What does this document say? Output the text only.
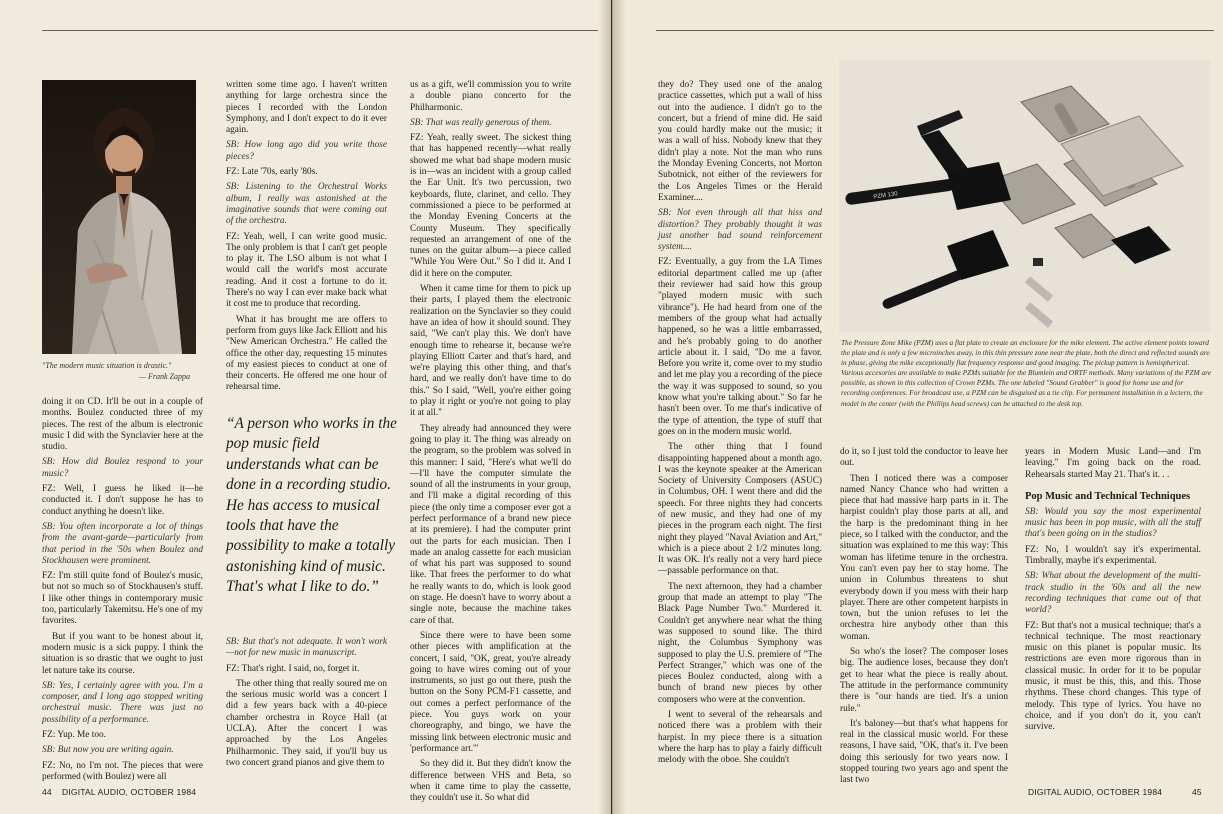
"The modern music situation is drastic."
— Frank Zappa

doing it on CD. It'll be out in a couple of months. Boulez conducted three of my pieces. The rest of the album is electronic music I did with the Synclavier here at the studio.

SB: How did Boulez respond to your music?

FZ: Well, I guess he liked it—he conducted it. I don't suppose he has to conduct anything he doesn't like.

SB: You often incorporate a lot of things from the avant-garde—particularly from that period in the '50s when Boulez and Stockhausen were prominent.

FZ: I'm still quite fond of Boulez's music, but not so much so of Stockhausen's stuff. I like other things in contemporary music too, particularly Takemitsu. He's one of my favorites.

But if you want to be honest about it, modern music is a sick puppy. I think the situation is so drastic that we ought to just let nature take its course.

SB: Yes, I certainly agree with you. I'm a composer, and I long ago stopped writing orchestral music. There was just no possibility of a performance.

FZ: Yup. Me too.

SB: But now you are writing again.

FZ: No, no I'm not. The pieces that were performed (with Boulez) were all

written some time ago. I haven't written anything for large orchestra since the pieces I recorded with the London Symphony, and I don't expect to do it ever again.

SB: How long ago did you write those pieces?

FZ: Late '70s, early '80s.

SB: Listening to the Orchestral Works album, I really was astonished at the imaginative sounds that were coming out of the orchestra.

FZ: Yeah, well, I can write good music. The only problem is that I can't get people to play it. The LSO album is not what I would call the world's most accurate reading. And it cost a fortune to do it. There's no way I can ever make back what it cost me to produce that recording.

What it has brought me are offers to perform from guys like Jack Elliott and his "New American Orchestra." He called the office the other day, requesting 15 minutes of my easiest pieces to conduct at one of their concerts. He offered me one hour of rehearsal time.

“A person who works in the pop music field understands what can be done in a recording studio. He has access to musical tools that have the possibility to make a totally astonishing kind of music. That's what I like to do.”

SB: But that's not adequate. It won't work—not for new music in manuscript.

FZ: That's right. I said, no, forget it.

The other thing that really soured me on the serious music world was a concert I did a few years back with a 40-piece chamber orchestra in Royce Hall (at UCLA). After the concert I was approached by the Los Angeles Philharmonic. They said, if you'll buy us two concert grand pianos and give them to

us as a gift, we'll commission you to write a double piano concerto for the Philharmonic.

SB: That was really generous of them.

FZ: Yeah, really sweet. The sickest thing that has happened recently—what really showed me what bad shape modern music is in—was an incident with a group called the Ear Unit. It's two percussion, two keyboards, flute, clarinet, and cello. They commissioned a piece to be performed at the Monday Evening Concerts at the County Museum. They specifically requested an arrangement of one of the tunes on the guitar album—a piece called "While You Were Out." So I did it. And I did it here on the computer.

When it came time for them to pick up their parts, I played them the electronic realization on the Synclavier so they could have an idea of how it should sound. They said, "We can't play this. We don't have enough time to rehearse it, because we're playing Elliott Carter and that's hard, and we're playing this other thing, and that's hard, and we really don't have time to do this." So I said, "Well, you're either going to play it right or you're not going to play it at all."

They already had announced they were going to play it. The thing was already on the program, so the problem was solved in this manner: I said, "Here's what we'll do—I'll have the computer simulate the sound of all the instruments in your group, and I'll make a digital recording of this piece (the only time a composer ever got a perfect performance of a brand new piece at its premiere). I had the computer print out the parts for each musician. Then I made an analog cassette for each musician of what his part was supposed to sound like. That frees the performer to do what he really wants to do, which is look good on stage. He doesn't have to worry about a single note, because the machine takes care of that.

Since there were to have been some other pieces with amplification at the concert, I said, "OK, great, you're already going to have wires coming out of your instruments, so just go out there, push the button on the Sony PCM-F1 cassette, and out comes a perfect performance of the piece. You guys work on your choreography, and bingo, we have the missing link between electronic music and 'performance art.'"

So they did it. But they didn't know the difference between VHS and Beta, so when it came time to play the cassette, they couldn't use it. So what did

44 DIGITAL AUDIO, OCTOBER 1984

they do? They used one of the analog practice cassettes, which put a wall of hiss out into the audience. I didn't go to the concert, but a friend of mine did. He said you could hardly make out the music; it was a wall of hiss. Nobody knew that they didn't play a note. Not the man who runs the Monday Evening Concerts, not Morton Subotnick, not either of the reviewers for the Los Angeles Times or the Herald Examiner....

SB: Not even through all that hiss and distortion? They probably thought it was just another bad sound reinforcement system....

FZ: Eventually, a guy from the LA Times editorial department called me up (after their reviewer had said how this group "played modern music with such vibrance"). He had heard from one of the members of the group what had actually happened, so he was a little embarrassed, and he's probably going to do another article about it. I said, "Do me a favor. Before you write it, come over to my studio and let me play you a recording of the piece the way it was supposed to sound, so you know what you're talking about." So far he hasn't been over. To me that's indicative of the type of attention, the type of stuff that goes on in the modern music world.

The other thing that I found disappointing happened about a month ago. I was the keynote speaker at the American Society of University Composers (ASUC) in Columbus, OH. I went there and did the speech. For three nights they had concerts of new music, and they had one of my pieces in the program each night. The first night they played "Naval Aviation and Art," which is a piece about 2 1/2 minutes long. It was OK. It's really not a very hard piece—passable performance on that.

The next afternoon, they had a chamber group that made an attempt to play "The Black Page Number Two." Murdered it. Couldn't get anywhere near what the thing was supposed to sound like. The third night, the Columbus Symphony was supposed to play the U.S. premiere of "The Perfect Stranger," which was one of the pieces Boulez conducted, along with a bunch of brand new pieces by other composers who were at the convention.

I went to several of the rehearsals and noticed there was a problem with their harpist. In my piece there is a situation where the harp has to play a fairly difficult melody with the oboe. She couldn't

do it, so I just told the conductor to leave her out.

Then I noticed there was a composer named Nancy Chance who had written a piece that had massive harp parts in it. The harpist couldn't play those parts at all, and the harp is the predominant thing in her piece, so I talked with the conductor, and the situation was explained to me this way: This woman has lifetime tenure in the orchestra. You can't even pay her to stay home. The union in Columbus threatens to shut everybody down if you mess with their harp player. There are other competent harpists in town, but the union refuses to let the orchestra hire anybody other than this woman.

So who's the loser? The composer loses big. The audience loses, because they don't get to hear what the piece is really about. The attitude in the performance community there is "our hands are tied. It's a union rule."

It's baloney—but that's what happens for real in the classical music world. For these reasons, I have said, "OK, that's it. I've been doing this seriously for two years now. I stopped touring two years ago and spent the last two

years in Modern Music Land—and I'm leaving." I'm going back on the road. Rehearsals started May 21. That's it. . .

Pop Music and Technical Techniques

SB: Would you say the most experimental music has been in pop music, with all the stuff that's been going on in the studios?

FZ: No, I wouldn't say it's experimental. Timbrally, maybe it's experimental.

SB: What about the development of the multi-track studio in the '60s and all the new recording techniques that came out of that world?

FZ: But that's not a musical technique; that's a technical technique. The most reactionary music on this planet is popular music. Its restrictions are even more rigorous than in classical music. In order for it to be popular music, it must be this, this, and this. Those rhythms. These chord changes. This type of melody. This type of lyrics. You have no choice, and if you don't do it, you can't survive.

DIGITAL AUDIO, OCTOBER 1984	45
PZM 130
The Pressure Zone Mike (PZM) uses a flat plate to create an enclosure for the mike element. The active element points toward the plate and is only a few microinches away, in this thin pressure zone near the plate, both the direct and reflected sounds are in phase, giving the mike exceptionally flat frequency response and good imaging. The pickup pattern is hemispherical. Various accesories are available to make PZMs suitable for the Blumlein and ORTF methods. Many variations of the PZM are possible, as shown in this collection of Crown PZMs. The one labeled "Sound Grabber" is good for home use and for recording conferences. For broadcast use, a PZM can be disguised as a tie clip. For permanent installation in a lectern, the model in the center (with the Phillips head screws) can be attached to the desk top.
